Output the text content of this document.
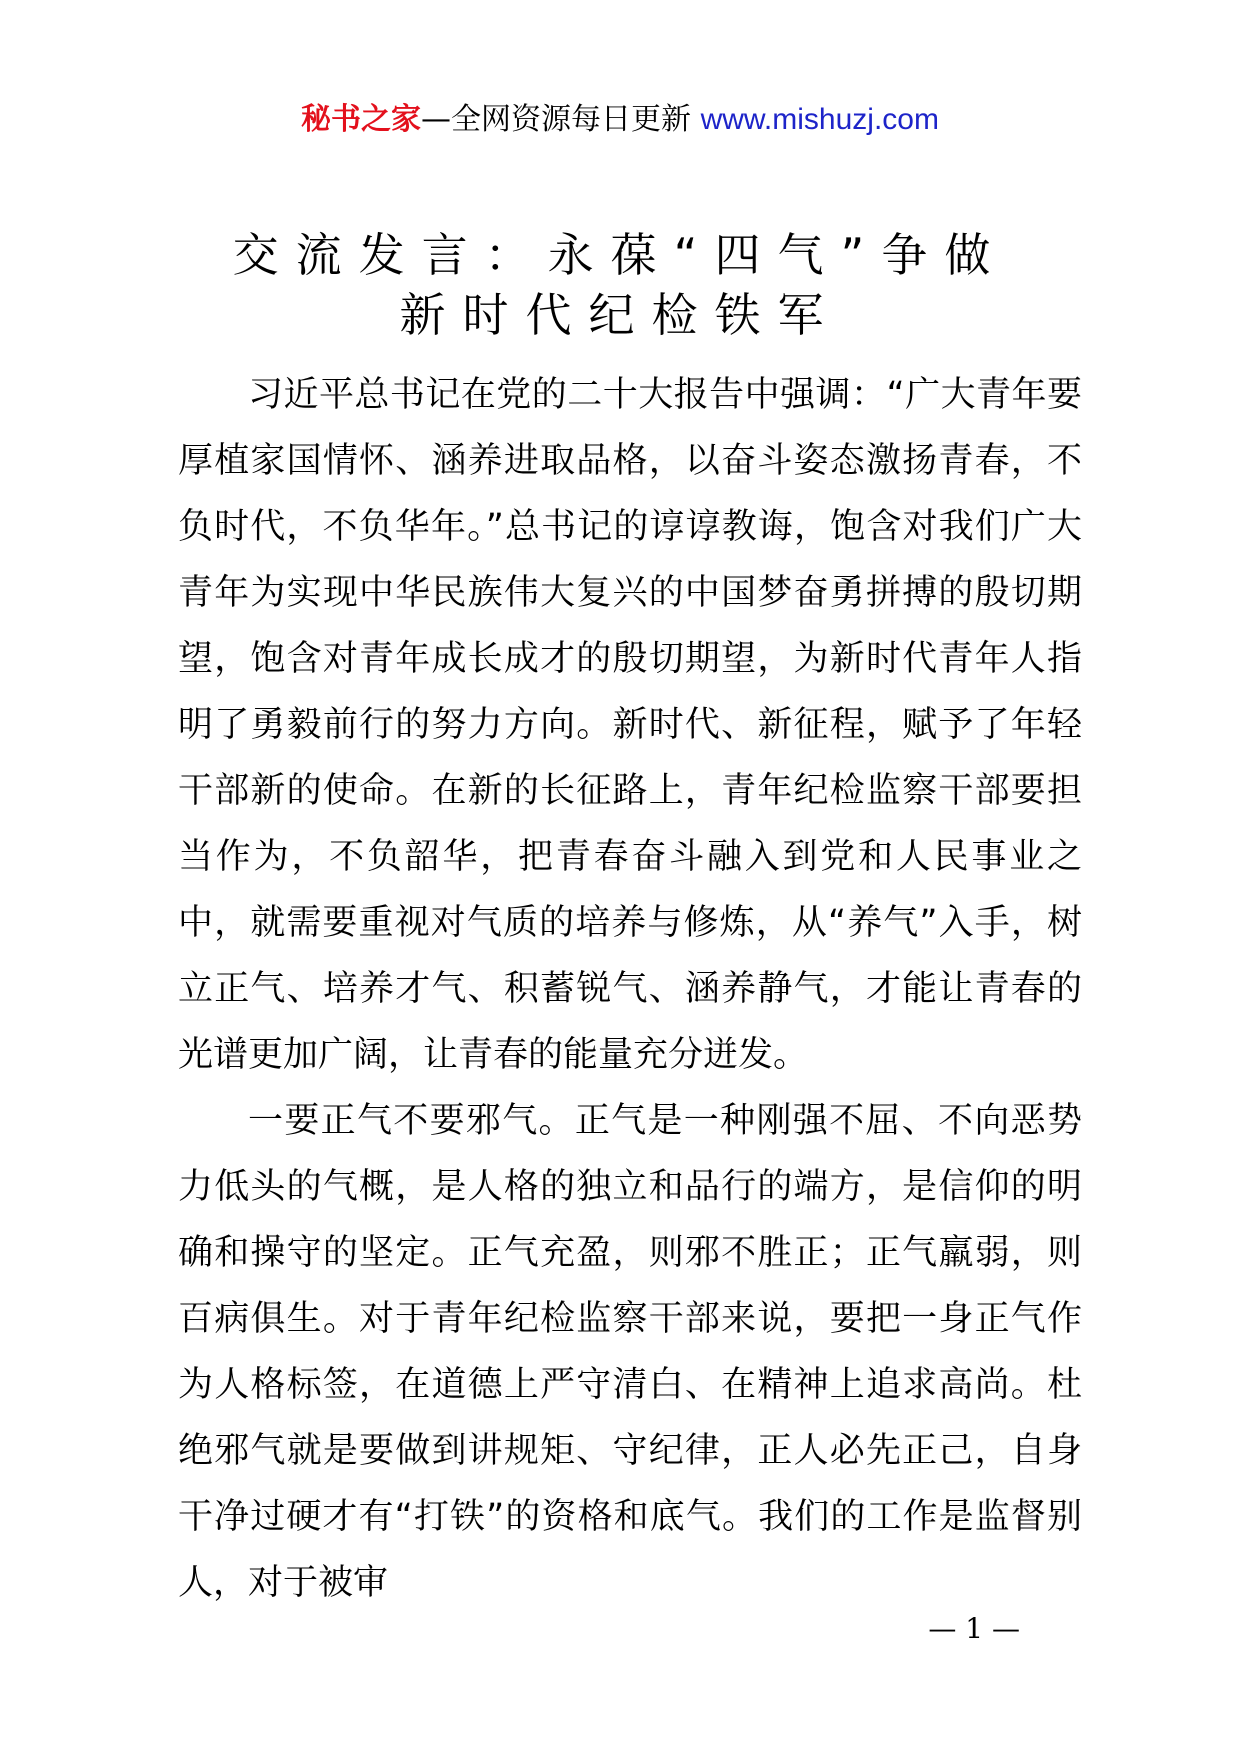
秘书之家—全网资源每日更新 www.mishuzj.com
交流发言：永葆“四气”争做
新时代纪检铁军

习近平总书记在党的二十大报告中强调：“广大青年要厚植家国情怀、涵养进取品格，以奋斗姿态激扬青春，不负时代，不负华年。”总书记的谆谆教诲，饱含对我们广大青年为实现中华民族伟大复兴的中国梦奋勇拼搏的殷切期望，饱含对青年成长成才的殷切期望，为新时代青年人指明了勇毅前行的努力方向。新时代、新征程，赋予了年轻干部新的使命。在新的长征路上，青年纪检监察干部要担当作为，不负韶华，把青春奋斗融入到党和人民事业之中，就需要重视对气质的培养与修炼，从“养气”入手，树立正气、培养才气、积蓄锐气、涵养静气，才能让青春的光谱更加广阔，让青春的能量充分迸发。

一要正气不要邪气。正气是一种刚强不屈、不向恶势力低头的气概，是人格的独立和品行的端方，是信仰的明确和操守的坚定。正气充盈，则邪不胜正；正气羸弱，则百病俱生。对于青年纪检监察干部来说，要把一身正气作为人格标签，在道德上严守清白、在精神上追求高尚。杜绝邪气就是要做到讲规矩、守纪律，正人必先正己，自身干净过硬才有“打铁”的资格和底气。我们的工作是监督别人，对于被审

— 1 —
